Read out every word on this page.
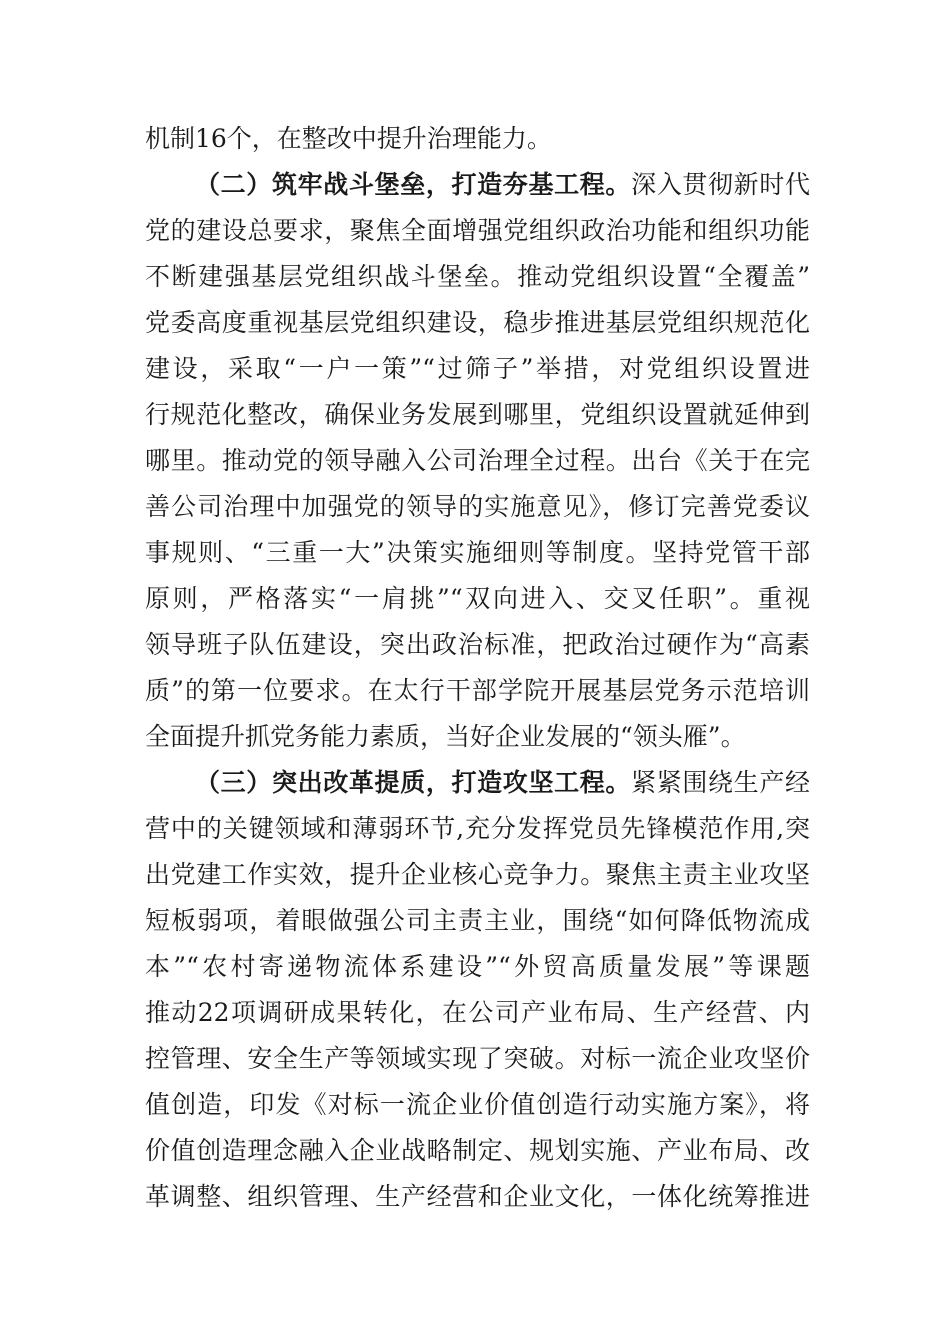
机制16个，在整改中提升治理能力。
（二）筑牢战斗堡垒，打造夯基工程。深入贯彻新时代
党的建设总要求，聚焦全面增强党组织政治功能和组织功能
不断建强基层党组织战斗堡垒。推动党组织设置“全覆盖”
党委高度重视基层党组织建设，稳步推进基层党组织规范化
建设，采取“一户一策”“过筛子”举措，对党组织设置进
行规范化整改，确保业务发展到哪里，党组织设置就延伸到
哪里。推动党的领导融入公司治理全过程。出台《关于在完
善公司治理中加强党的领导的实施意见》，修订完善党委议
事规则、“三重一大”决策实施细则等制度。坚持党管干部
原则，严格落实“一肩挑”“双向进入、交叉任职”。重视
领导班子队伍建设，突出政治标准，把政治过硬作为“高素
质”的第一位要求。在太行干部学院开展基层党务示范培训
全面提升抓党务能力素质，当好企业发展的“领头雁”。
（三）突出改革提质，打造攻坚工程。紧紧围绕生产经
营中的关键领域和薄弱环节,充分发挥党员先锋模范作用,突
出党建工作实效，提升企业核心竞争力。聚焦主责主业攻坚
短板弱项，着眼做强公司主责主业，围绕“如何降低物流成
本”“农村寄递物流体系建设”“外贸高质量发展”等课题
推动22项调研成果转化，在公司产业布局、生产经营、内
控管理、安全生产等领域实现了突破。对标一流企业攻坚价
值创造，印发《对标一流企业价值创造行动实施方案》，将
价值创造理念融入企业战略制定、规划实施、产业布局、改
革调整、组织管理、生产经营和企业文化，一体化统筹推进
